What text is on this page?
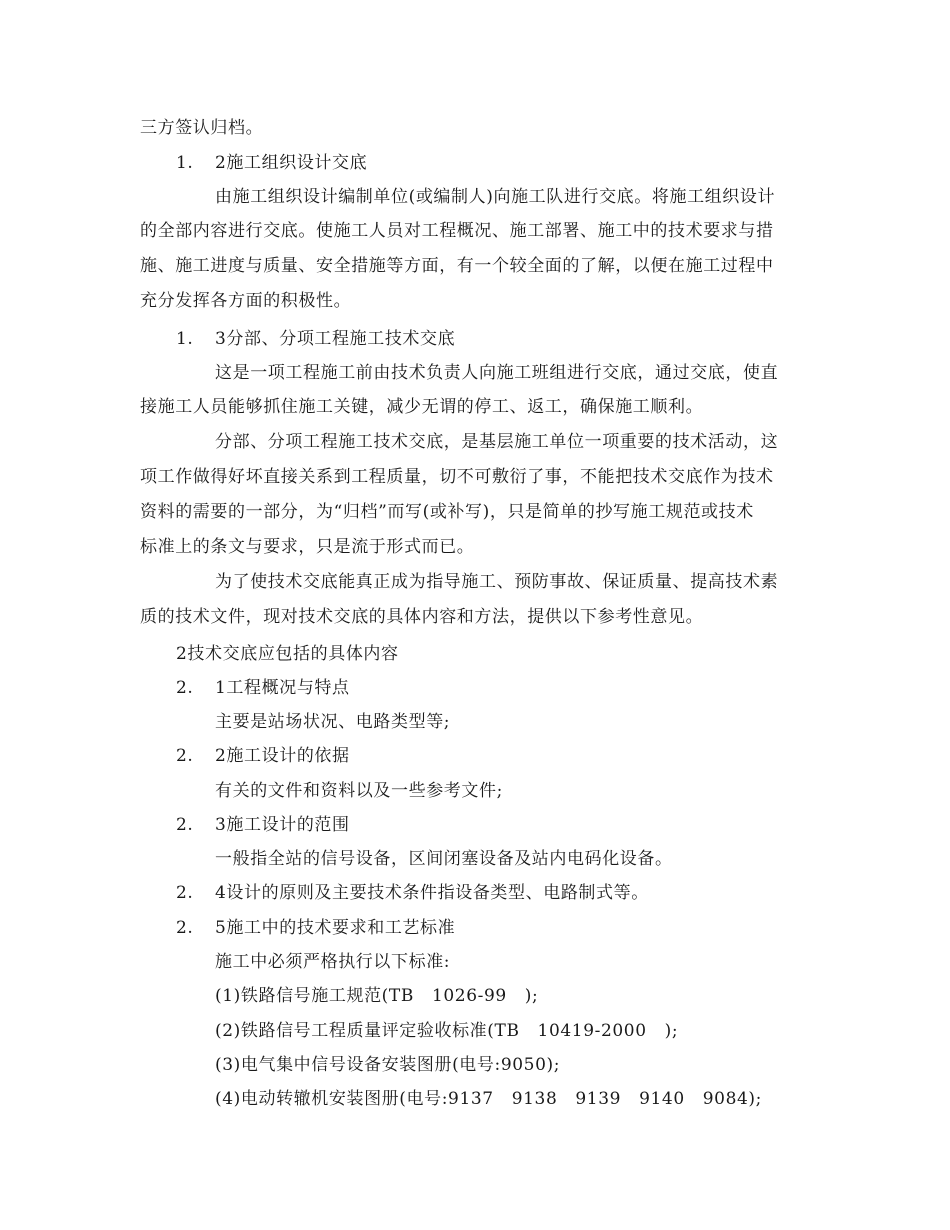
三方签认归档。
1. 2施工组织设计交底
由施工组织设计编制单位(或编制人)向施工队进行交底。将施工组织设计
的全部内容进行交底。使施工人员对工程概况、施工部署、施工中的技术要求与措
施、施工进度与质量、安全措施等方面，有一个较全面的了解，以便在施工过程中
充分发挥各方面的积极性。
1. 3分部、分项工程施工技术交底
这是一项工程施工前由技术负责人向施工班组进行交底，通过交底，使直
接施工人员能够抓住施工关键，减少无谓的停工、返工，确保施工顺利。
分部、分项工程施工技术交底，是基层施工单位一项重要的技术活动，这
项工作做得好坏直接关系到工程质量，切不可敷衍了事，不能把技术交底作为技术
资料的需要的一部分，为“归档”而写(或补写)，只是简单的抄写施工规范或技术
标准上的条文与要求，只是流于形式而已。
为了使技术交底能真正成为指导施工、预防事故、保证质量、提高技术素
质的技术文件，现对技术交底的具体内容和方法，提供以下参考性意见。
2技术交底应包括的具体内容
2. 1工程概况与特点
主要是站场状况、电路类型等;
2. 2施工设计的依据
有关的文件和资料以及一些参考文件;
2. 3施工设计的范围
一般指全站的信号设备，区间闭塞设备及站内电码化设备。
2. 4设计的原则及主要技术条件指设备类型、电路制式等。
2. 5施工中的技术要求和工艺标准
施工中必须严格执行以下标准:
(1)铁路信号施工规范(TB   1026-99   );
(2)铁路信号工程质量评定验收标准(TB   10419-2000   );
(3)电气集中信号设备安装图册(电号:9050);
(4)电动转辙机安装图册(电号:9137   9138   9139   9140   9084);
